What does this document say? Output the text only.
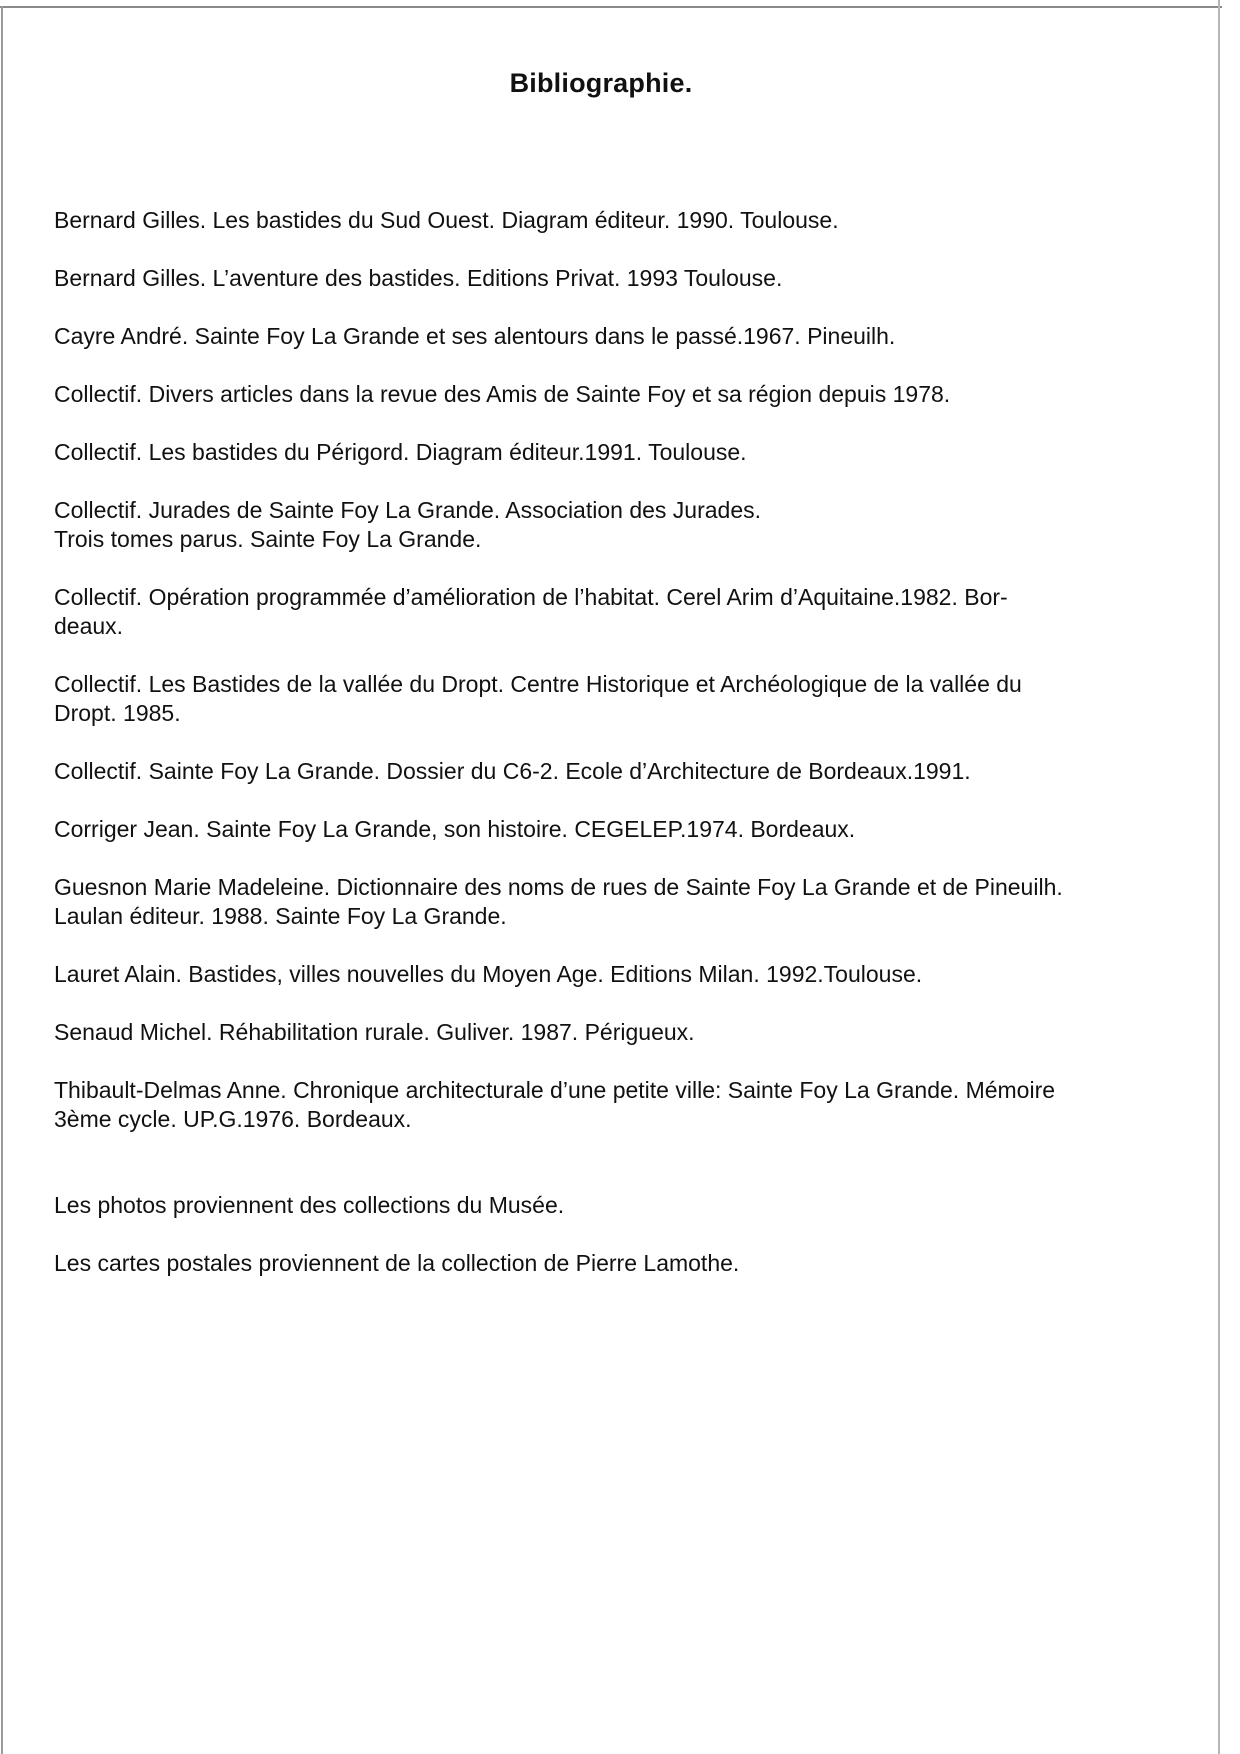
Bibliographie.
Bernard Gilles. Les bastides du Sud Ouest. Diagram éditeur. 1990. Toulouse.
Bernard Gilles. L’aventure des bastides. Editions Privat. 1993 Toulouse.
Cayre André. Sainte Foy La Grande et ses alentours dans le passé.1967. Pineuilh.
Collectif. Divers articles dans la revue des Amis de Sainte Foy et sa région depuis 1978.
Collectif. Les bastides du Périgord. Diagram éditeur.1991. Toulouse.
Collectif. Jurades de Sainte Foy La Grande. Association des Jurades.
Trois tomes parus. Sainte Foy La Grande.
Collectif. Opération programmée d’amélioration de l’habitat. Cerel Arim d’Aquitaine.1982. Bor-
deaux.
Collectif. Les Bastides de la vallée du Dropt. Centre Historique et Archéologique de la vallée du
Dropt. 1985.
Collectif. Sainte Foy La Grande. Dossier du C6-2. Ecole d’Architecture de Bordeaux.1991.
Corriger Jean. Sainte Foy La Grande, son histoire. CEGELEP.1974. Bordeaux.
Guesnon Marie Madeleine. Dictionnaire des noms de rues de Sainte Foy La Grande et de Pineuilh.
Laulan éditeur. 1988. Sainte Foy La Grande.
Lauret Alain. Bastides, villes nouvelles du Moyen Age. Editions Milan. 1992.Toulouse.
Senaud Michel. Réhabilitation rurale. Guliver. 1987. Périgueux.
Thibault-Delmas Anne. Chronique architecturale d’une petite ville: Sainte Foy La Grande. Mémoire
3ème cycle. UP.G.1976. Bordeaux.
Les photos proviennent des collections du Musée.
Les cartes postales proviennent de la collection de Pierre Lamothe.
